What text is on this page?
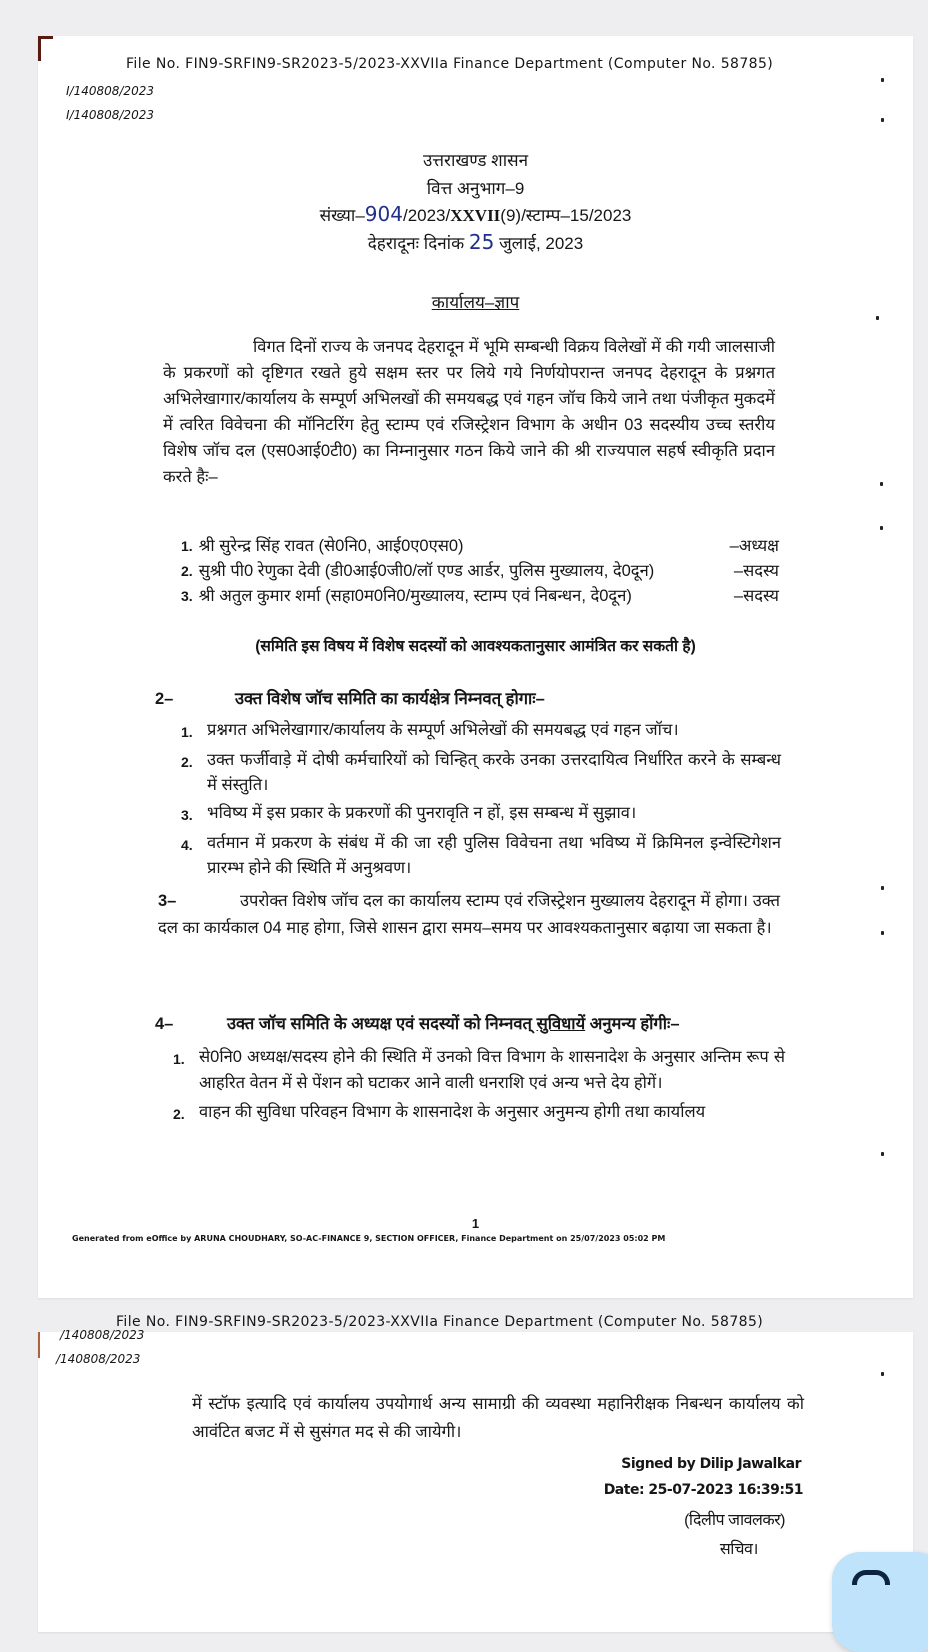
File No. FIN9-SRFIN9-SR2023-5/2023-XXVIIa Finance Department (Computer No. 58785)
I/140808/2023
I/140808/2023
उत्तराखण्ड शासन
वित्त अनुभाग–9
संख्या–904/2023/XXVII(9)/स्टाम्प–15/2023
देहरादूनः दिनांक 25 जुलाई, 2023
कार्यालय–ज्ञाप
विगत दिनों राज्य के जनपद देहरादून में भूमि सम्बन्धी विक्रय विलेखों में की गयी जालसाजी के प्रकरणों को दृष्टिगत रखते हुये सक्षम स्तर पर लिये गये निर्णयोपरान्त जनपद देहरादून के प्रश्नगत अभिलेखागार/कार्यालय के सम्पूर्ण अभिलखों की समयबद्ध एवं गहन जॉच किये जाने तथा पंजीकृत मुकदमें में त्वरित विवेचना की मॉनिटरिंग हेतु स्टाम्प एवं रजिस्ट्रेशन विभाग के अधीन 03 सदस्यीय उच्च स्तरीय विशेष जॉच दल (एस0आई0टी0) का निम्नानुसार गठन किये जाने की श्री राज्यपाल सहर्ष स्वीकृति प्रदान करते हैः–
1. श्री सुरेन्द्र सिंह रावत (से0नि0, आई0ए0एस0)	–अध्यक्ष
2. सुश्री पी0 रेणुका देवी (डी0आई0जी0/लॉ एण्ड आर्डर, पुलिस मुख्यालय, दे0दून)	–सदस्य
3. श्री अतुल कुमार शर्मा (सहा0म0नि0/मुख्यालय, स्टाम्प एवं निबन्धन, दे0दून)	–सदस्य
(समिति इस विषय में विशेष सदस्यों को आवश्यकतानुसार आमंत्रित कर सकती है)
2–	उक्त विशेष जॉच समिति का कार्यक्षेत्र निम्नवत् होगाः–
1. प्रश्नगत अभिलेखागार/कार्यालय के सम्पूर्ण अभिलेखों की समयबद्ध एवं गहन जॉच।
2. उक्त फर्जीवाड़े में दोषी कर्मचारियों को चिन्हित् करके उनका उत्तरदायित्व निर्धारित करने के सम्बन्ध में संस्तुति।
3. भविष्य में इस प्रकार के प्रकरणों की पुनरावृति न हों, इस सम्बन्ध में सुझाव।
4. वर्तमान में प्रकरण के संबंध में की जा रही पुलिस विवेचना तथा भविष्य में क्रिमिनल इन्वेस्टिगेशन प्रारम्भ होने की स्थिति में अनुश्रवण।
3–	उपरोक्त विशेष जॉच दल का कार्यालय स्टाम्प एवं रजिस्ट्रेशन मुख्यालय देहरादून में होगा। उक्त दल का कार्यकाल 04 माह होगा, जिसे शासन द्वारा समय–समय पर आवश्यकतानुसार बढ़ाया जा सकता है।
4–	उक्त जॉच समिति के अध्यक्ष एवं सदस्यों को निम्नवत् सुविधायें अनुमन्य होंगीः–
1. से0नि0 अध्यक्ष/सदस्य होने की स्थिति में उनको वित्त विभाग के शासनादेश के अनुसार अन्तिम रूप से आहरित वेतन में से पेंशन को घटाकर आने वाली धनराशि एवं अन्य भत्ते देय होगें।
2. वाहन की सुविधा परिवहन विभाग के शासनादेश के अनुसार अनुमन्य होगी तथा कार्यालय
1
Generated from eOffice by ARUNA CHOUDHARY, SO-AC-FINANCE 9, SECTION OFFICER, Finance Department on 25/07/2023 05:02 PM
File No. FIN9-SRFIN9-SR2023-5/2023-XXVIIa Finance Department (Computer No. 58785)
/140808/2023
/140808/2023
में स्टॉफ इत्यादि एवं कार्यालय उपयोगार्थ अन्य सामाग्री की व्यवस्था महानिरीक्षक निबन्धन कार्यालय को आवंटित बजट में से सुसंगत मद से की जायेगी।
Signed by Dilip Jawalkar
Date: 25-07-2023 16:39:51
(दिलीप जावलकर)
सचिव।
